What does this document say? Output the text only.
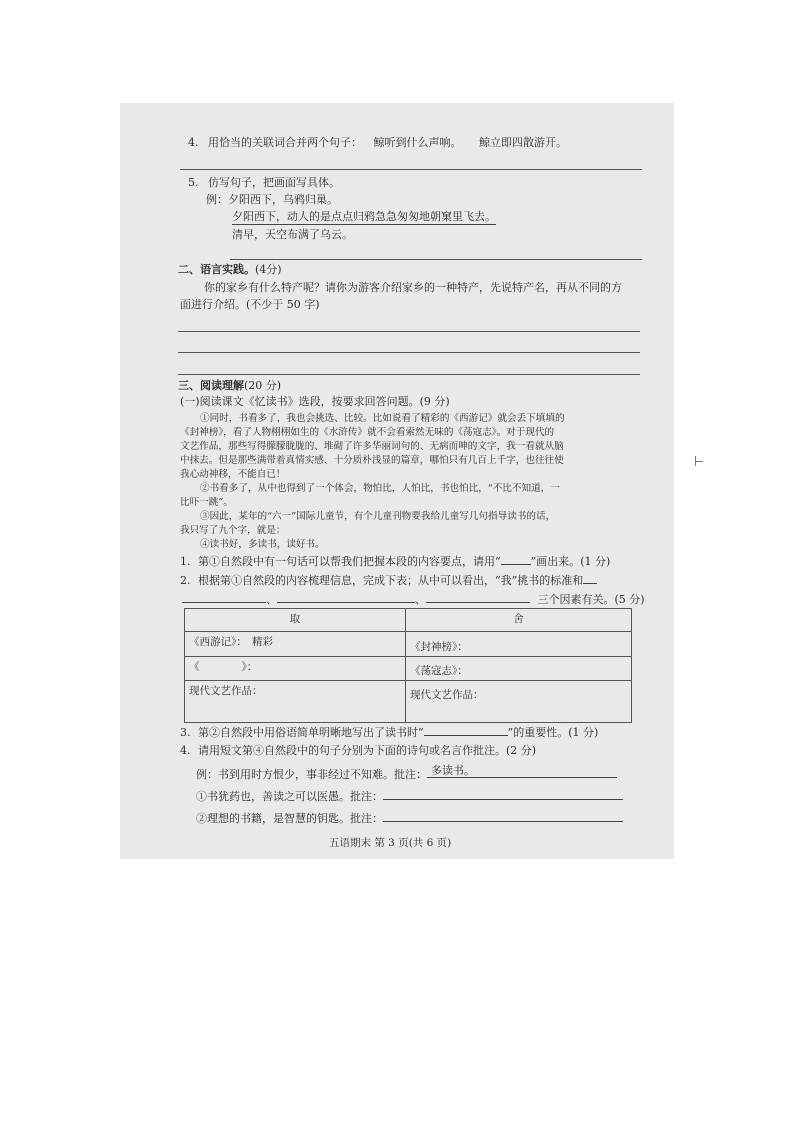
4. 用恰当的关联词合并两个句子： 鲸听到什么声响。 鲸立即四散游开。
5. 仿写句子，把画面写具体。
例：夕阳西下，乌鸦归巢。
夕阳西下，动人的是点点归鸦急急匆匆地朝窠里飞去。
清早，天空布满了乌云。
二、语言实践。(4分)
你的家乡有什么特产呢？请你为游客介绍家乡的一种特产，先说特产名，再从不同的方
面进行介绍。(不少于 50 字)
三、阅读理解(20 分)
(一)阅读课文《忆读书》选段，按要求回答问题。(9 分)
①同时，书看多了，我也会挑选、比较。比如说看了精彩的《西游记》就会丢下填填的
《封神榜》，看了人物栩栩如生的《水浒传》就不会看索然无味的《荡寇志》。对于现代的
文艺作品，那些写得朦朦胧胧的、堆砌了许多华丽词句的、无病而呻的文字，我一看就从脑
中抹去。但是那些满带着真情实感、十分质朴浅显的篇章，哪怕只有几百上千字，也往往使
我心动神移，不能自已！
②书看多了，从中也得到了一个体会，物怕比，人怕比，书也怕比，“不比不知道，一
比吓一跳”。
③因此，某年的“六一”国际儿童节，有个儿童刊物要我给儿童写几句指导读书的话，
我只写了九个字，就是：
④读书好，多读书，读好书。
1. 第①自然段中有一句话可以帮我们把握本段的内容要点，请用“	”画出来。(1 分)
2. 根据第①自然段的内容梳理信息，完成下表；从中可以看出，“我”挑书的标准和
、	、	三个因素有关。(5 分)
取	舍
《西游记》：　精彩	《封神榜》：
《　　　　》：	《荡寇志》：
现代文艺作品：	现代文艺作品：
3. 第②自然段中用俗语简单明晰地写出了读书时“	”的重要性。(1 分)
4. 请用短文第④自然段中的句子分别为下面的诗句或名言作批注。(2 分)
例：书到用时方恨少，事非经过不知难。批注： 多读书。
①书犹药也，善读之可以医愚。批注：
②理想的书籍，是智慧的钥匙。批注：
五语期末 第 3 页(共 6 页)
